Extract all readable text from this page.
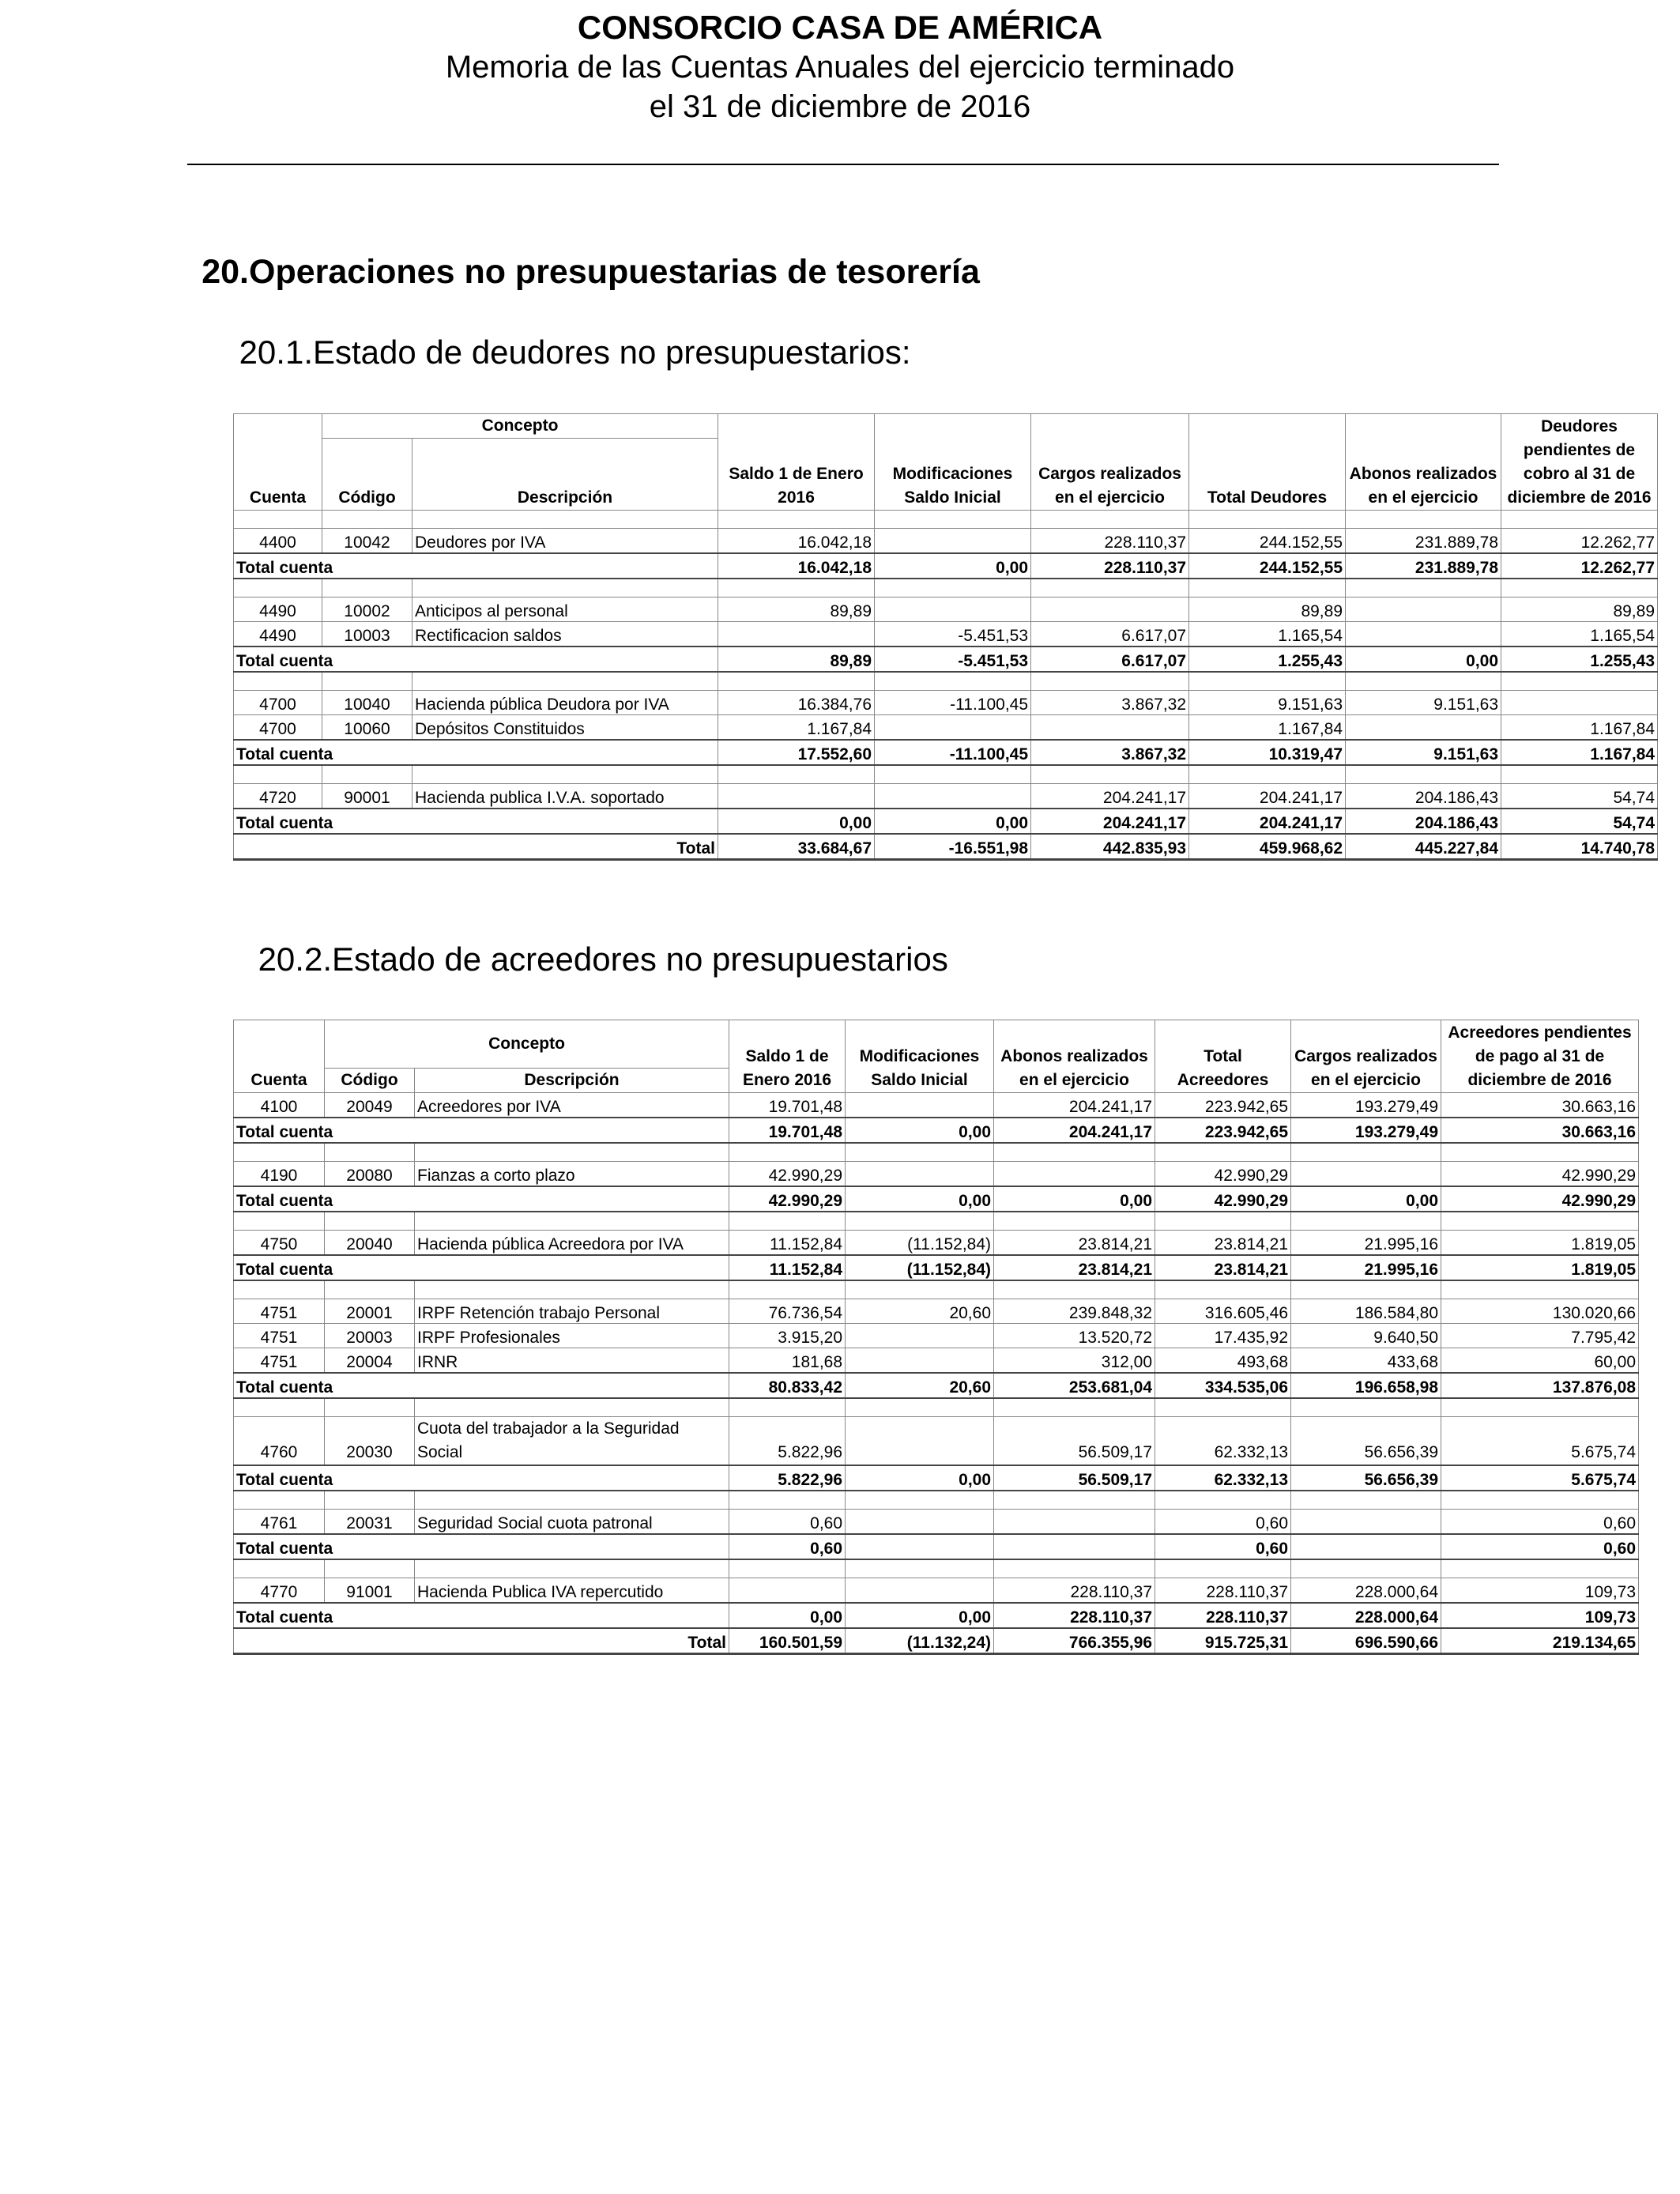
CONSORCIO CASA DE AMÉRICA
Memoria de las Cuentas Anuales del ejercicio terminado
el 31 de diciembre de 2016
20.Operaciones no presupuestarias de tesorería
20.1.Estado de deudores no presupuestarios:
Cuenta	Concepto		Saldo 1 de Enero 2016	Modificaciones Saldo Inicial	Cargos realizados en el ejercicio	Total Deudores	Abonos realizados en el ejercicio	Deudores pendientes de cobro al 31 de diciembre de 2016
	Código	Descripción						

4400	10042	Deudores por IVA	16.042,18		228.110,37	244.152,55	231.889,78	12.262,77
Total cuenta			16.042,18	0,00	228.110,37	244.152,55	231.889,78	12.262,77

4490	10002	Anticipos al personal	89,89			89,89		89,89
4490	10003	Rectificacion saldos		-5.451,53	6.617,07	1.165,54		1.165,54
Total cuenta			89,89	-5.451,53	6.617,07	1.255,43	0,00	1.255,43

4700	10040	Hacienda pública Deudora por IVA	16.384,76	-11.100,45	3.867,32	9.151,63	9.151,63	
4700	10060	Depósitos Constituidos	1.167,84			1.167,84		1.167,84
Total cuenta			17.552,60	-11.100,45	3.867,32	10.319,47	9.151,63	1.167,84

4720	90001	Hacienda publica I.V.A. soportado			204.241,17	204.241,17	204.186,43	54,74
Total cuenta			0,00	0,00	204.241,17	204.241,17	204.186,43	54,74
Total			33.684,67	-16.551,98	442.835,93	459.968,62	445.227,84	14.740,78
20.2.Estado de acreedores no presupuestarios
Cuenta	Concepto		Saldo 1 de Enero 2016	Modificaciones Saldo Inicial	Abonos realizados en el ejercicio	Total Acreedores	Cargos realizados en el ejercicio	Acreedores pendientes de pago al 31 de diciembre de 2016
	Código	Descripción						
4100	20049	Acreedores por IVA	19.701,48		204.241,17	223.942,65	193.279,49	30.663,16
Total cuenta			19.701,48	0,00	204.241,17	223.942,65	193.279,49	30.663,16

4190	20080	Fianzas a corto plazo	42.990,29			42.990,29		42.990,29
Total cuenta			42.990,29	0,00	0,00	42.990,29	0,00	42.990,29

4750	20040	Hacienda pública Acreedora por IVA	11.152,84	(11.152,84)	23.814,21	23.814,21	21.995,16	1.819,05
Total cuenta			11.152,84	(11.152,84)	23.814,21	23.814,21	21.995,16	1.819,05

4751	20001	IRPF Retención trabajo Personal	76.736,54	20,60	239.848,32	316.605,46	186.584,80	130.020,66
4751	20003	IRPF Profesionales	3.915,20		13.520,72	17.435,92	9.640,50	7.795,42
4751	20004	IRNR	181,68		312,00	493,68	433,68	60,00
Total cuenta			80.833,42	20,60	253.681,04	334.535,06	196.658,98	137.876,08

4760	20030	Cuota del trabajador a la Seguridad Social	5.822,96		56.509,17	62.332,13	56.656,39	5.675,74
Total cuenta			5.822,96	0,00	56.509,17	62.332,13	56.656,39	5.675,74

4761	20031	Seguridad Social cuota patronal	0,60			0,60		0,60
Total cuenta			0,60			0,60		0,60

4770	91001	Hacienda Publica IVA repercutido			228.110,37	228.110,37	228.000,64	109,73
Total cuenta			0,00	0,00	228.110,37	228.110,37	228.000,64	109,73
Total			160.501,59	(11.132,24)	766.355,96	915.725,31	696.590,66	219.134,65
